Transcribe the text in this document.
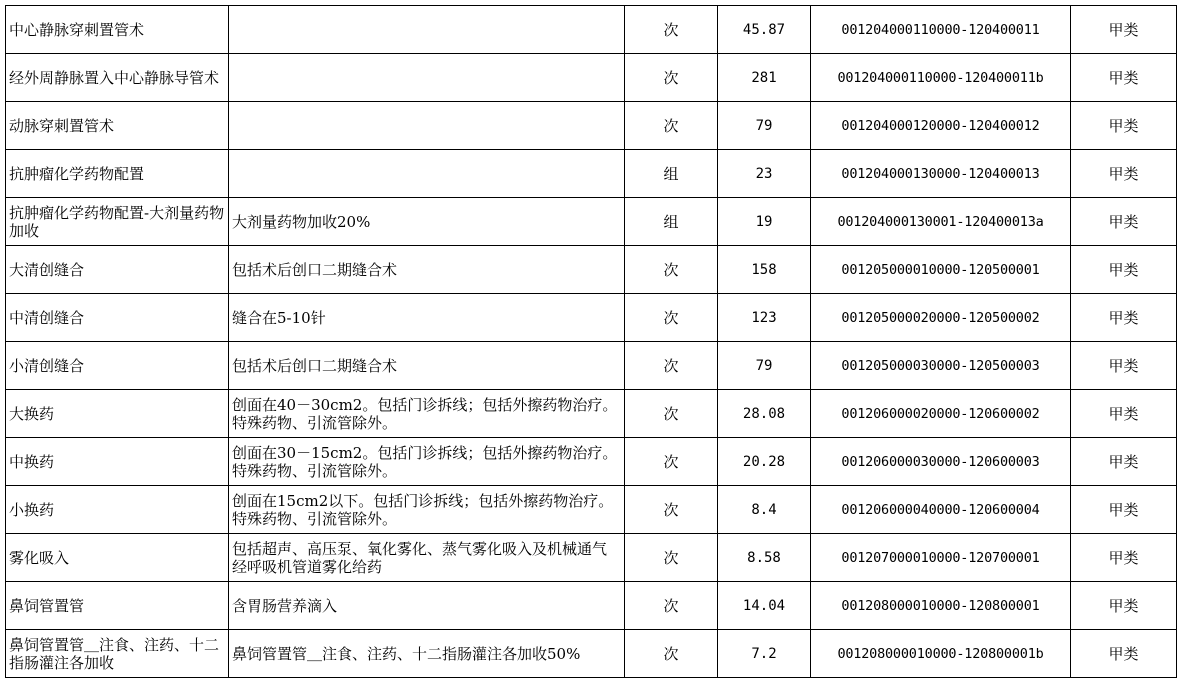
中心静脉穿刺置管术		次	45.87	001204000110000-120400011	甲类
经外周静脉置入中心静脉导管术		次	281	001204000110000-120400011b	甲类
动脉穿刺置管术		次	79	001204000120000-120400012	甲类
抗肿瘤化学药物配置		组	23	001204000130000-120400013	甲类
抗肿瘤化学药物配置-大剂量药物加收	大剂量药物加收20%	组	19	001204000130001-120400013a	甲类
大清创缝合	包括术后创口二期缝合术	次	158	001205000010000-120500001	甲类
中清创缝合	缝合在5-10针	次	123	001205000020000-120500002	甲类
小清创缝合	包括术后创口二期缝合术	次	79	001205000030000-120500003	甲类
大换药	创面在40－30cm2。包括门诊拆线；包括外擦药物治疗。特殊药物、引流管除外。	次	28.08	001206000020000-120600002	甲类
中换药	创面在30－15cm2。包括门诊拆线；包括外擦药物治疗。特殊药物、引流管除外。	次	20.28	001206000030000-120600003	甲类
小换药	创面在15cm2以下。包括门诊拆线；包括外擦药物治疗。特殊药物、引流管除外。	次	8.4	001206000040000-120600004	甲类
雾化吸入	包括超声、高压泵、氧化雾化、蒸气雾化吸入及机械通气经呼吸机管道雾化给药	次	8.58	001207000010000-120700001	甲类
鼻饲管置管	含胃肠营养滴入	次	14.04	001208000010000-120800001	甲类
鼻饲管置管＿注食、注药、十二指肠灌注各加收	鼻饲管置管＿注食、注药、十二指肠灌注各加收50%	次	7.2	001208000010000-120800001b	甲类
